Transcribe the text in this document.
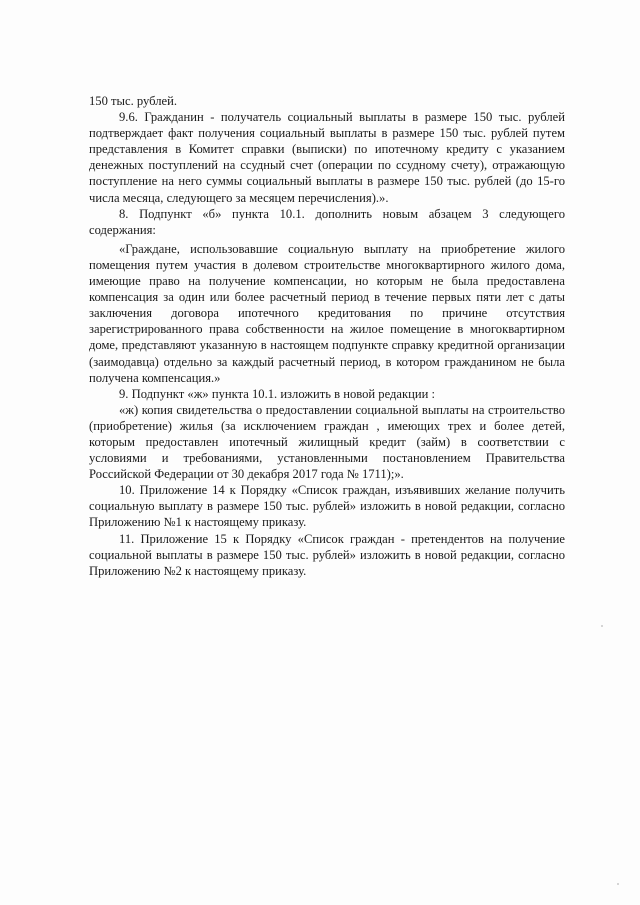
150 тыс. рублей.

9.6. Гражданин - получатель социальный выплаты в размере 150 тыс. рублей подтверждает факт получения социальный выплаты в размере 150 тыс. рублей путем представления в Комитет справки (выписки) по ипотечному кредиту с указанием денежных поступлений на ссудный счет (операции по ссудному счету), отражающую поступление на него суммы социальный выплаты в размере 150 тыс. рублей (до 15-го числа месяца, следующего за месяцем перечисления).».

8. Подпункт «б» пункта 10.1. дополнить новым абзацем 3 следующего содержания:

«Граждане, использовавшие социальную выплату на приобретение жилого помещения путем участия в долевом строительстве многоквартирного жилого дома, имеющие право на получение компенсации, но которым не была предоставлена компенсация за один или более расчетный период в течение первых пяти лет с даты заключения договора ипотечного кредитования по причине отсутствия зарегистрированного права собственности на жилое помещение в многоквартирном доме, представляют указанную в настоящем подпункте справку кредитной организации (заимодавца) отдельно за каждый расчетный период, в котором гражданином не была получена компенсация.»

9. Подпункт «ж» пункта 10.1. изложить в новой редакции :

«ж) копия свидетельства о предоставлении социальной выплаты на строительство (приобретение) жилья (за исключением граждан , имеющих трех и более детей, которым предоставлен ипотечный жилищный кредит (займ) в соответствии с условиями и требованиями, установленными постановлением Правительства Российской Федерации от 30 декабря 2017 года № 1711);».

10. Приложение 14 к Порядку «Список граждан, изъявивших желание получить социальную выплату в размере 150 тыс. рублей» изложить в новой редакции, согласно Приложению №1 к настоящему приказу.

11. Приложение 15 к Порядку «Список граждан - претендентов на получение социальной выплаты в размере 150 тыс. рублей» изложить в новой редакции, согласно Приложению №2 к настоящему приказу.
